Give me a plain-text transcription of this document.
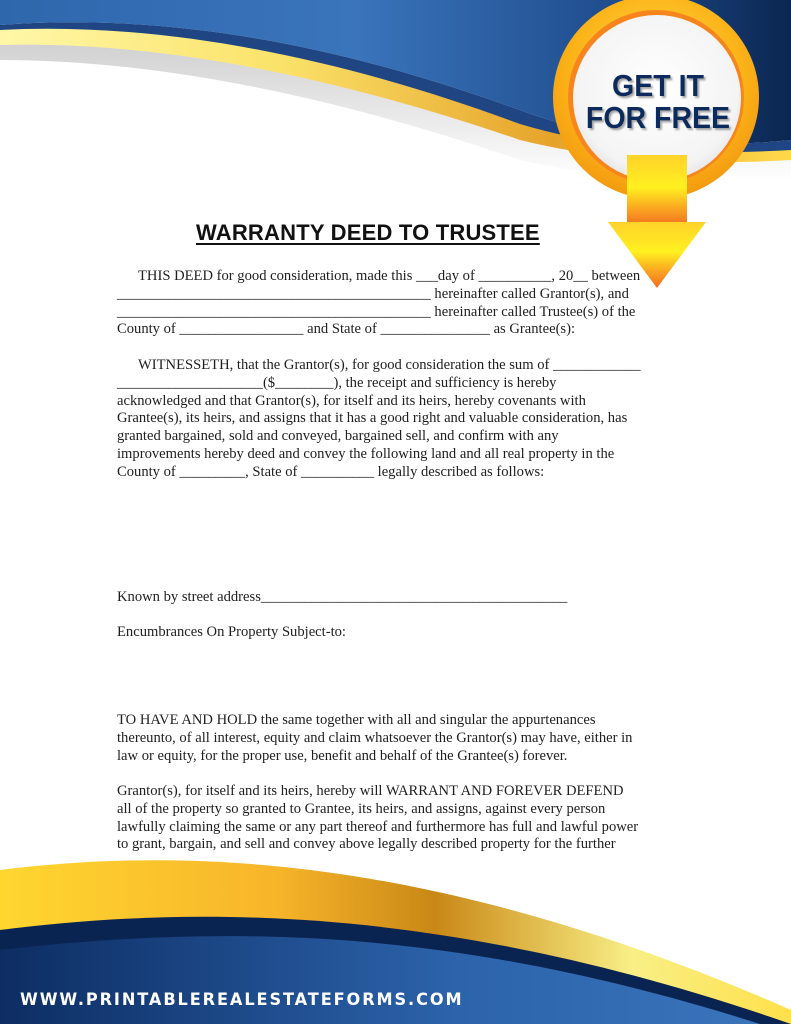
GET IT
FOR FREE
WARRANTY DEED TO TRUSTEE
THIS DEED for good consideration, made this ___day of __________, 20__ between
___________________________________________ hereinafter called Grantor(s), and
___________________________________________ hereinafter called Trustee(s) of the
County of _________________ and State of _______________ as Grantee(s):
WITNESSETH, that the Grantor(s), for good consideration the sum of ____________
____________________($________), the receipt and sufficiency is hereby
acknowledged and that Grantor(s), for itself and its heirs, hereby covenants with
Grantee(s), its heirs, and assigns that it has a good right and valuable consideration, has
granted bargained, sold and conveyed, bargained sell, and confirm with any
improvements hereby deed and convey the following land and all real property in the
County of _________, State of __________ legally described as follows:
Known by street address__________________________________________
Encumbrances On Property Subject-to:
TO HAVE AND HOLD the same together with all and singular the appurtenances
thereunto, of all interest, equity and claim whatsoever the Grantor(s) may have, either in
law or equity, for the proper use, benefit and behalf of the Grantee(s) forever.
Grantor(s), for itself and its heirs, hereby will WARRANT AND FOREVER DEFEND
all of the property so granted to Grantee, its heirs, and assigns, against every person
lawfully claiming the same or any part thereof and furthermore has full and lawful power
to grant, bargain, and sell and convey above legally described property for the further
WWW.PRINTABLEREALESTATEFORMS.COM
